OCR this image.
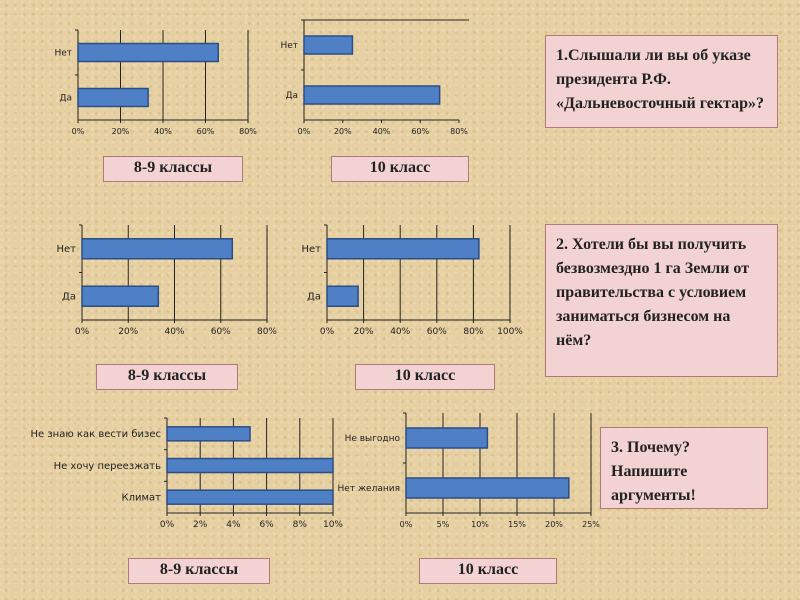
0%	20%	40%	60%	80%
Нет
Да
0%	20%	40%	60%	80%
Нет
Да
0%	20%	40%	60%	80%
Нет
Да
0% 20% 40% 60% 80% 100%
Нет
Да
0% 2% 4% 6% 8% 10%
Не знаю как вести бизес
Не хочу переезжать
Климат
0%	5%	10% 15% 20% 25%
Не выгодно
Нет желания
8-9 классы	10 класс
8-9 классы	10 класс
8-9 классы	10 класс
1.Слышали ли вы об указе президента Р.Ф. «Дальневосточный гектар»?
2. Хотели бы вы получить безвозмездно 1 га Земли от правительства с условием заниматься бизнесом на нём?
3. Почему?
Напишите аргументы!
